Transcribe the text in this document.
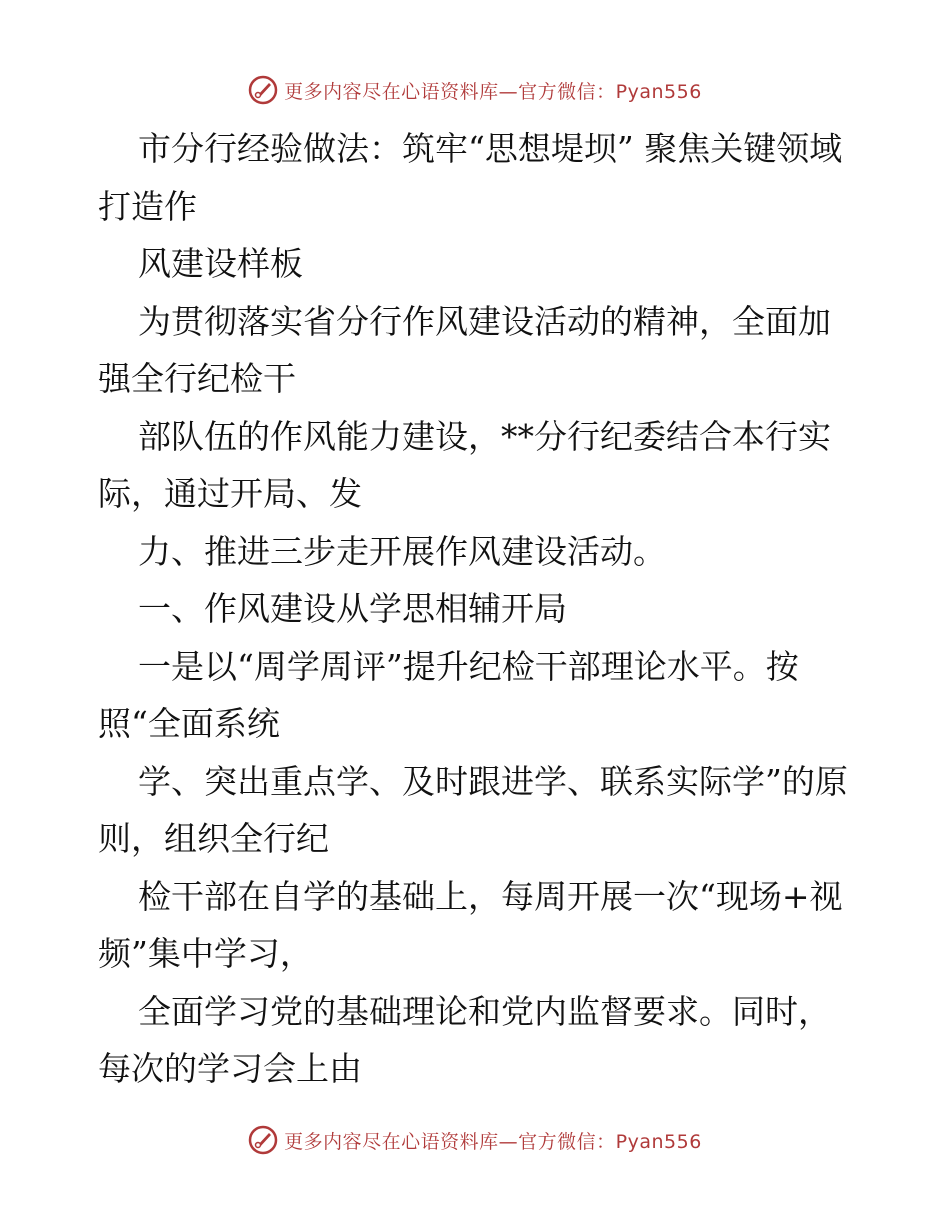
更多内容尽在心语资料库—官方微信：Pyan556

市分行经验做法：筑牢“思想堤坝” 聚焦关键领域 打造作

风建设样板

为贯彻落实省分行作风建设活动的精神，全面加强全行纪检干

部队伍的作风能力建设，**分行纪委结合本行实际，通过开局、发

力、推进三步走开展作风建设活动。

一、作风建设从学思相辅开局

一是以“周学周评”提升纪检干部理论水平。按照“全面系统

学、突出重点学、及时跟进学、联系实际学”的原则，组织全行纪

检干部在自学的基础上，每周开展一次“现场+视频”集中学习，

全面学习党的基础理论和党内监督要求。同时，每次的学习会上由

更多内容尽在心语资料库—官方微信：Pyan556
